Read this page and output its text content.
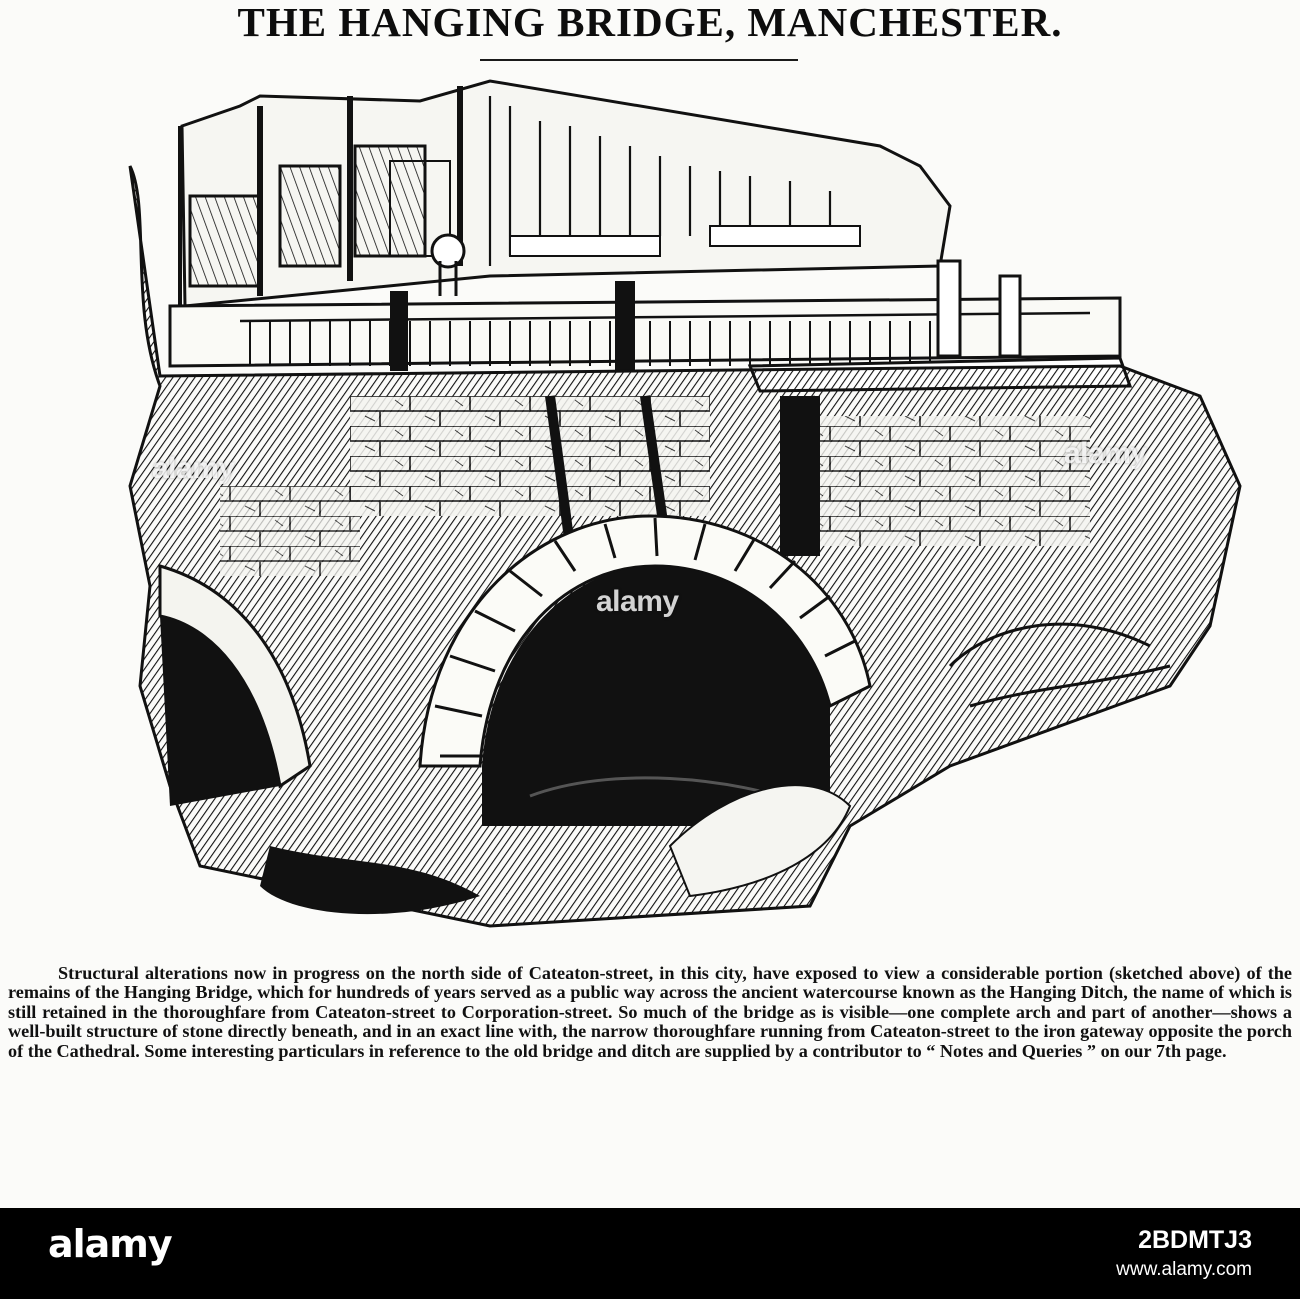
THE HANGING BRIDGE, MANCHESTER.
alamy
alamy
alamy

Structural alterations now in progress on the north side of Cateaton-street, in this city, have exposed to view a considerable portion (sketched above) of the remains of the Hanging Bridge, which for hundreds of years served as a public way across the ancient watercourse known as the Hanging Ditch, the name of which is still retained in the thoroughfare from Cateaton-street to Corporation-street. So much of the bridge as is visible—one complete arch and part of another—shows a well-built structure of stone directly beneath, and in an exact line with, the narrow thoroughfare running from Cateaton-street to the iron gateway opposite the porch of the Cathedral. Some interesting particulars in reference to the old bridge and ditch are supplied by a contributor to “ Notes and Queries ” on our 7th page.

alamy	2BDMTJ3
www.alamy.com
